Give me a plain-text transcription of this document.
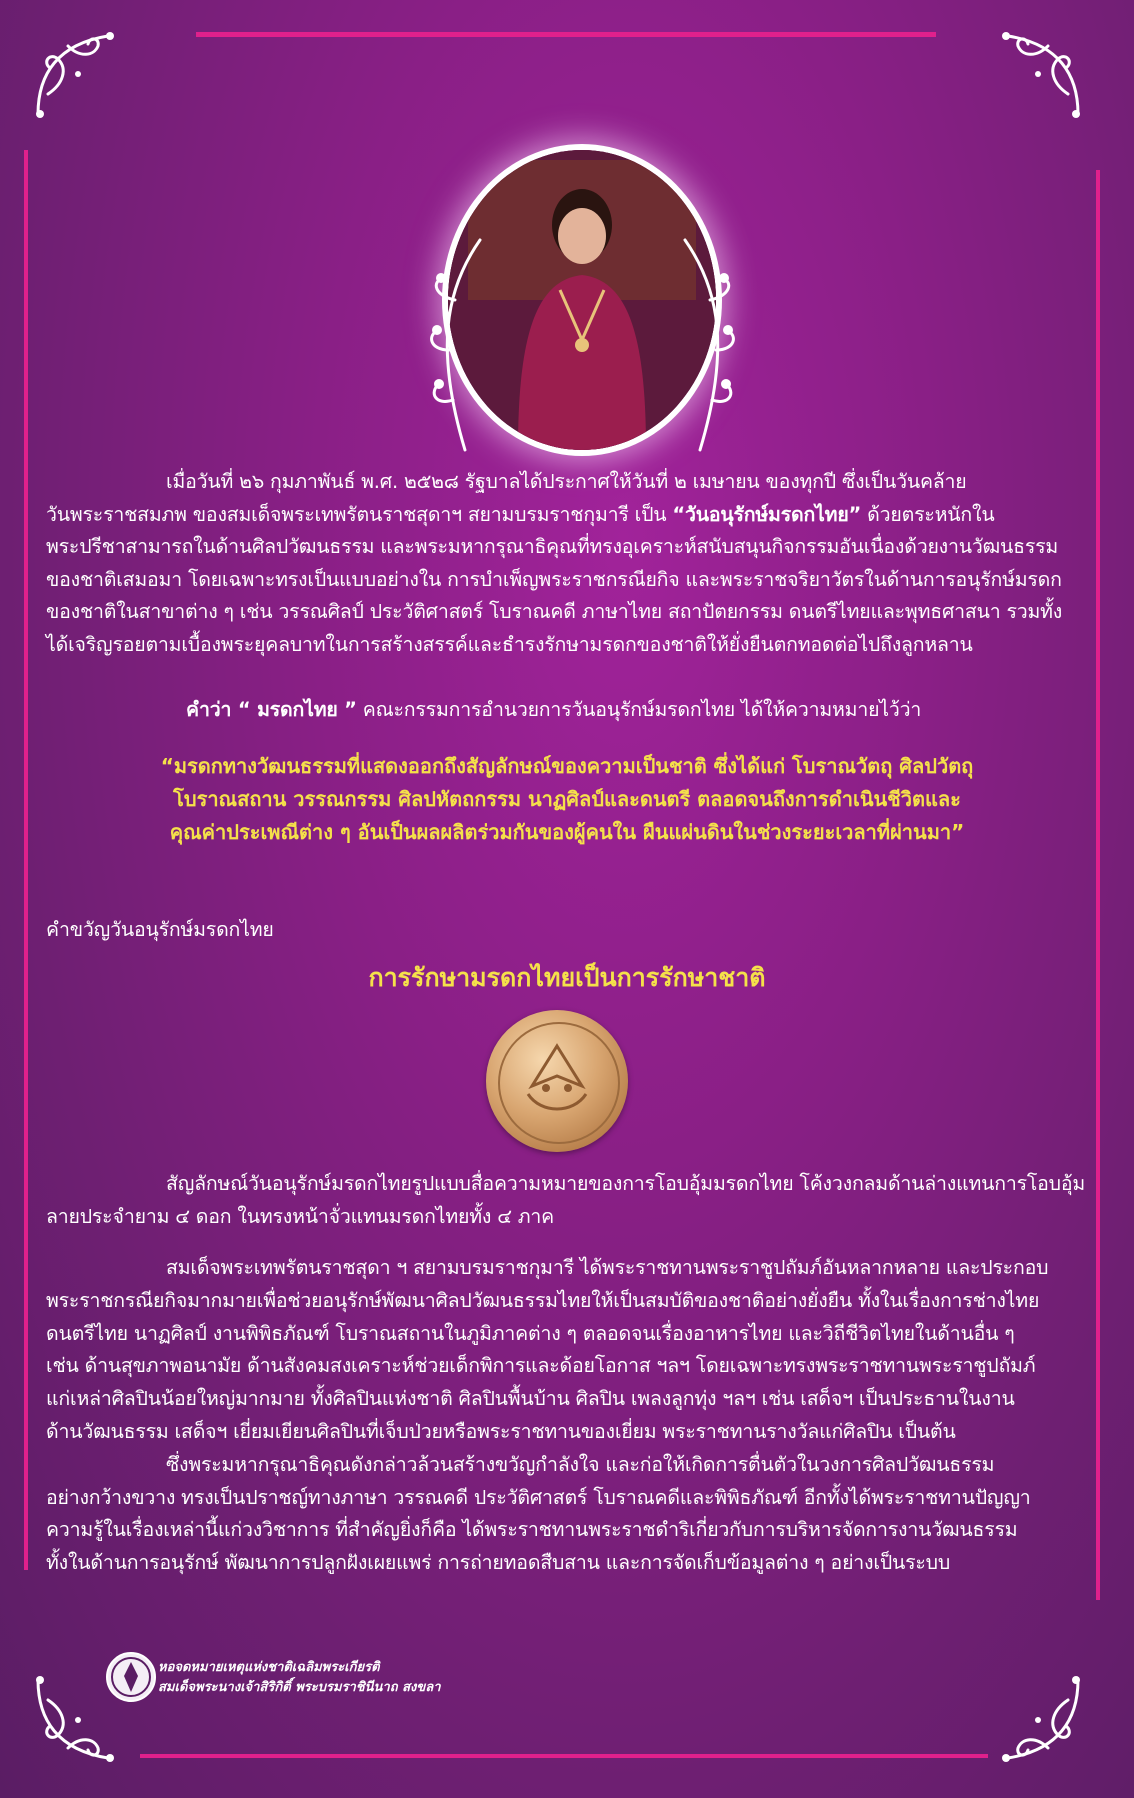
เมื่อวันที่ ๒๖ กุมภาพันธ์ พ.ศ. ๒๕๒๘ รัฐบาลได้ประกาศให้วันที่ ๒ เมษายน ของทุกปี ซึ่งเป็นวันคล้าย

วันพระราชสมภพ ของสมเด็จพระเทพรัตนราชสุดาฯ สยามบรมราชกุมารี เป็น “วันอนุรักษ์มรดกไทย” ด้วยตระหนักใน

พระปรีชาสามารถในด้านศิลปวัฒนธรรม และพระมหากรุณาธิคุณที่ทรงอุเคราะห์สนับสนุนกิจกรรมอันเนื่องด้วยงานวัฒนธรรม

ของชาติเสมอมา โดยเฉพาะทรงเป็นแบบอย่างใน การบำเพ็ญพระราชกรณียกิจ และพระราชจริยาวัตรในด้านการอนุรักษ์มรดก

ของชาติในสาขาต่าง ๆ เช่น วรรณศิลป์ ประวัติศาสตร์ โบราณคดี ภาษาไทย สถาปัตยกรรม ดนตรีไทยและพุทธศาสนา รวมทั้ง

ได้เจริญรอยตามเบื้องพระยุคลบาทในการสร้างสรรค์และธำรงรักษามรดกของชาติให้ยั่งยืนตกทอดต่อไปถึงลูกหลาน

คำว่า “ มรดกไทย ” คณะกรรมการอำนวยการวันอนุรักษ์มรดกไทย ได้ให้ความหมายไว้ว่า

“มรดกทางวัฒนธรรมที่แสดงออกถึงสัญลักษณ์ของความเป็นชาติ ซึ่งได้แก่ โบราณวัตถุ ศิลปวัตถุ

โบราณสถาน วรรณกรรม ศิลปหัตถกรรม นาฏศิลป์และดนตรี ตลอดจนถึงการดำเนินชีวิตและ

คุณค่าประเพณีต่าง ๆ อันเป็นผลผลิตร่วมกันของผู้คนใน ผืนแผ่นดินในช่วงระยะเวลาที่ผ่านมา”

คำขวัญวันอนุรักษ์มรดกไทย
การรักษามรดกไทยเป็นการรักษาชาติ

สัญลักษณ์วันอนุรักษ์มรดกไทยรูปแบบสื่อความหมายของการโอบอุ้มมรดกไทย โค้งวงกลมด้านล่างแทนการโอบอุ้ม

ลายประจำยาม ๔ ดอก ในทรงหน้าจั่วแทนมรดกไทยทั้ง ๔ ภาค

สมเด็จพระเทพรัตนราชสุดา ฯ สยามบรมราชกุมารี ได้พระราชทานพระราชูปถัมภ์อันหลากหลาย และประกอบ

พระราชกรณียกิจมากมายเพื่อช่วยอนุรักษ์พัฒนาศิลปวัฒนธรรมไทยให้เป็นสมบัติของชาติอย่างยั่งยืน ทั้งในเรื่องการช่างไทย

ดนตรีไทย นาฏศิลป์ งานพิพิธภัณฑ์ โบราณสถานในภูมิภาคต่าง ๆ ตลอดจนเรื่องอาหารไทย และวิถีชีวิตไทยในด้านอื่น ๆ

เช่น ด้านสุขภาพอนามัย ด้านสังคมสงเคราะห์ช่วยเด็กพิการและด้อยโอกาส ฯลฯ โดยเฉพาะทรงพระราชทานพระราชูปถัมภ์

แก่เหล่าศิลปินน้อยใหญ่มากมาย ทั้งศิลปินแห่งชาติ ศิลปินพื้นบ้าน ศิลปิน เพลงลูกทุ่ง ฯลฯ เช่น เสด็จฯ เป็นประธานในงาน

ด้านวัฒนธรรม เสด็จฯ เยี่ยมเยียนศิลปินที่เจ็บป่วยหรือพระราชทานของเยี่ยม พระราชทานรางวัลแก่ศิลปิน เป็นต้น

ซึ่งพระมหากรุณาธิคุณดังกล่าวล้วนสร้างขวัญกำลังใจ และก่อให้เกิดการตื่นตัวในวงการศิลปวัฒนธรรม

อย่างกว้างขวาง ทรงเป็นปราชญ์ทางภาษา วรรณคดี ประวัติศาสตร์ โบราณคดีและพิพิธภัณฑ์ อีกทั้งได้พระราชทานปัญญา

ความรู้ในเรื่องเหล่านี้แก่วงวิชาการ ที่สำคัญยิ่งก็คือ ได้พระราชทานพระราชดำริเกี่ยวกับการบริหารจัดการงานวัฒนธรรม

ทั้งในด้านการอนุรักษ์ พัฒนาการปลูกฝังเผยแพร่ การถ่ายทอดสืบสาน และการจัดเก็บข้อมูลต่าง ๆ อย่างเป็นระบบ

หอจดหมายเหตุแห่งชาติเฉลิมพระเกียรติ
สมเด็จพระนางเจ้าสิริกิติ์ พระบรมราชินีนาถ สงขลา
